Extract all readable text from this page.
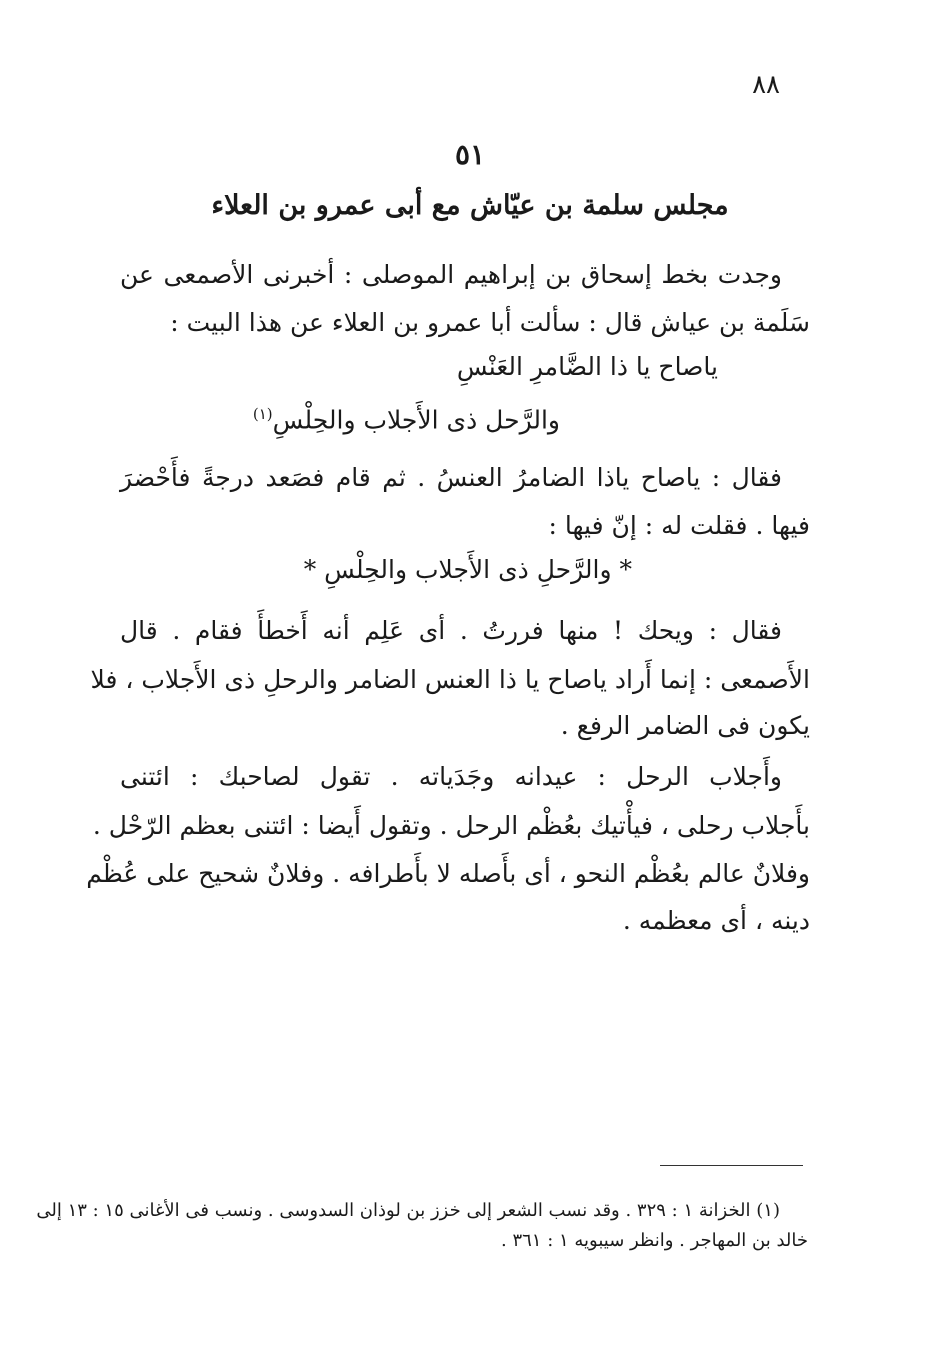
٨٨
٥١
مجلس سلمة بن عيّاش مع أبى عمرو بن العلاء
وجدت بخط إسحاق بن إبراهيم الموصلى : أخبرنى الأصمعى عن
سَلَمة بن عياش قال : سألت أبا عمرو بن العلاء عن هذا البيت :
ياصاح يا ذا الضَّامرِ العَنْسِ
والرَّحل ذى الأَجلاب والحِلْسِ$^{(١)}$
فقال : ياصاح ياذا الضامرُ العنسُ . ثم قام فصَعد درجةً فأَحْضرَ
فيها . فقلت له : إنّ فيها :
* والرَّحلِ ذى الأَجلاب والحِلْسِ *
فقال : ويحك ! منها فررتُ . أى عَلِم أنه أَخطأَ فقام . قال
الأَصمعى : إنما أَراد ياصاح يا ذا العنس الضامر والرحلِ ذى الأَجلاب ، فلا
يكون فى الضامر الرفع .
وأَجلاب الرحل : عيدانه وجَدَياته . تقول لصاحبك : ائتنى
بأَجلاب رحلى ، فيأْتيك بعُظْم الرحل . وتقول أَيضا : ائتنى بعظم الرّحْل .
وفلانٌ عالم بعُظْم النحو ، أى بأَصله لا بأَطرافه . وفلانٌ شحيح على عُظْم
دينه ، أى معظمه .
(١) الخزانة ١ : ٣٢٩ . وقد نسب الشعر إلى خزز بن لوذان السدوسى . ونسب فى الأغانى ١٥ : ١٣ إلى
خالد بن المهاجر . وانظر سيبويه ١ : ٣٦١ .
